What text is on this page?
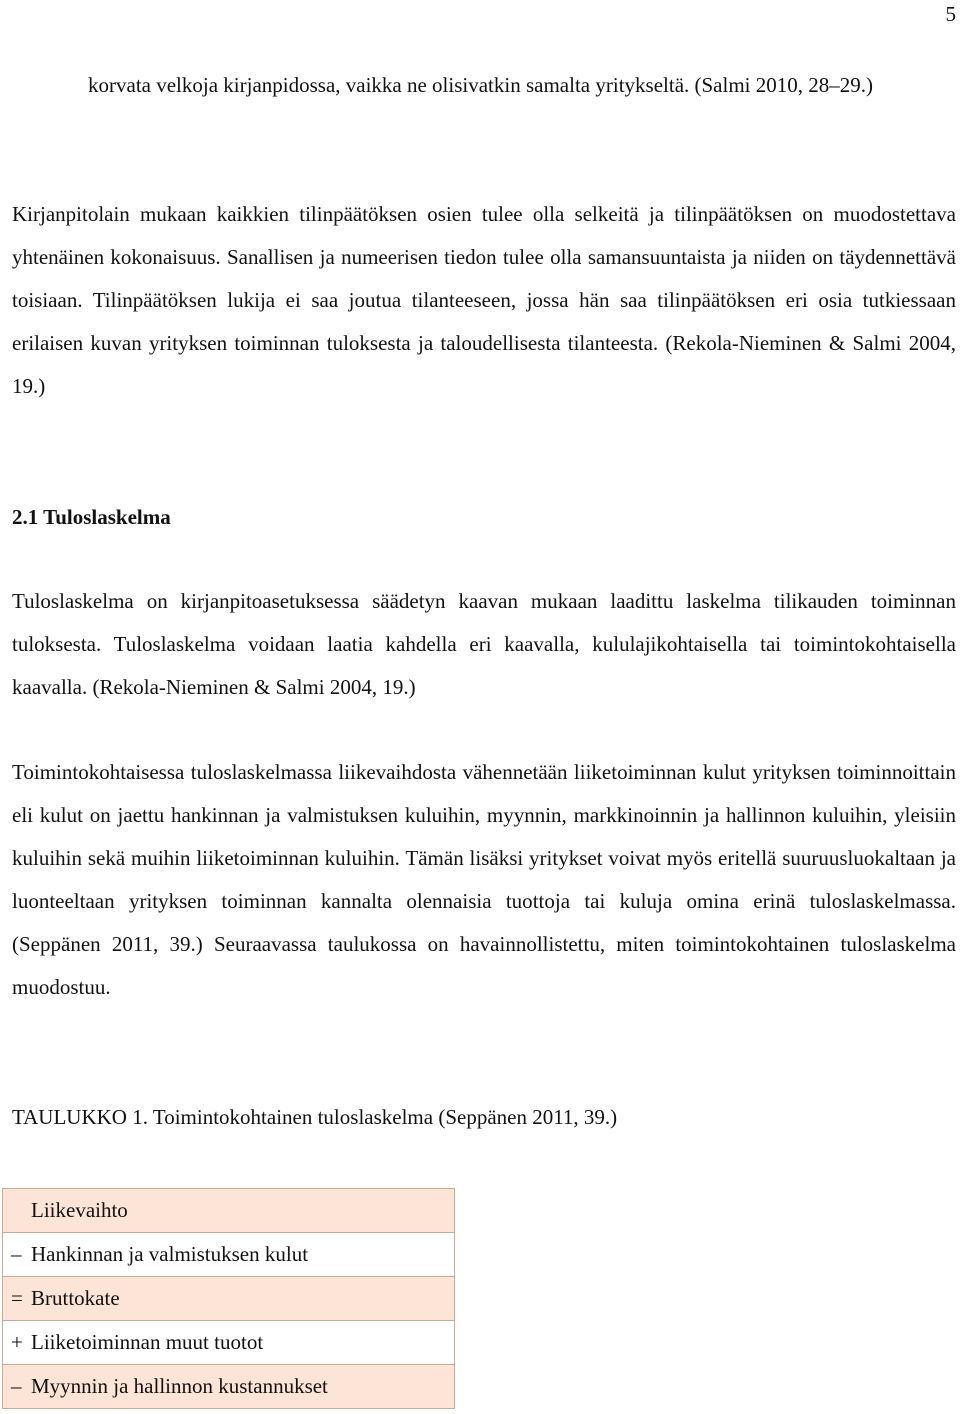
5

korvata velkoja kirjanpidossa, vaikka ne olisivatkin samalta yritykseltä. (Salmi 2010, 28–29.)

Kirjanpitolain mukaan kaikkien tilinpäätöksen osien tulee olla selkeitä ja tilinpäätöksen on muodostettava yhtenäinen kokonaisuus. Sanallisen ja numeerisen tiedon tulee olla samansuuntaista ja niiden on täydennettävä toisiaan. Tilinpäätöksen lukija ei saa joutua tilanteeseen, jossa hän saa tilinpäätöksen eri osia tutkiessaan erilaisen kuvan yrityksen toiminnan tuloksesta ja taloudellisesta tilanteesta. (Rekola-Nieminen & Salmi 2004, 19.)

2.1 Tuloslaskelma

Tuloslaskelma on kirjanpitoasetuksessa säädetyn kaavan mukaan laadittu laskelma tilikauden toiminnan tuloksesta. Tuloslaskelma voidaan laatia kahdella eri kaavalla, kululajikohtaisella tai toimintokohtaisella kaavalla. (Rekola-Nieminen & Salmi 2004, 19.)

Toimintokohtaisessa tuloslaskelmassa liikevaihdosta vähennetään liiketoiminnan kulut yrityksen toiminnoittain eli kulut on jaettu hankinnan ja valmistuksen kuluihin, myynnin, markkinoinnin ja hallinnon kuluihin, yleisiin kuluihin sekä muihin liiketoiminnan kuluihin. Tämän lisäksi yritykset voivat myös eritellä suuruusluokaltaan ja luonteeltaan yrityksen toiminnan kannalta olennaisia tuottoja tai kuluja omina erinä tuloslaskelmassa. (Seppänen 2011, 39.) Seuraavassa taulukossa on havainnollistettu, miten toimintokohtainen tuloslaskelma muodostuu.

TAULUKKO 1. Toimintokohtainen tuloslaskelma (Seppänen 2011, 39.)
Liikevaihto
– Hankinnan ja valmistuksen kulut
= Bruttokate
+ Liiketoiminnan muut tuotot
– Myynnin ja hallinnon kustannukset
